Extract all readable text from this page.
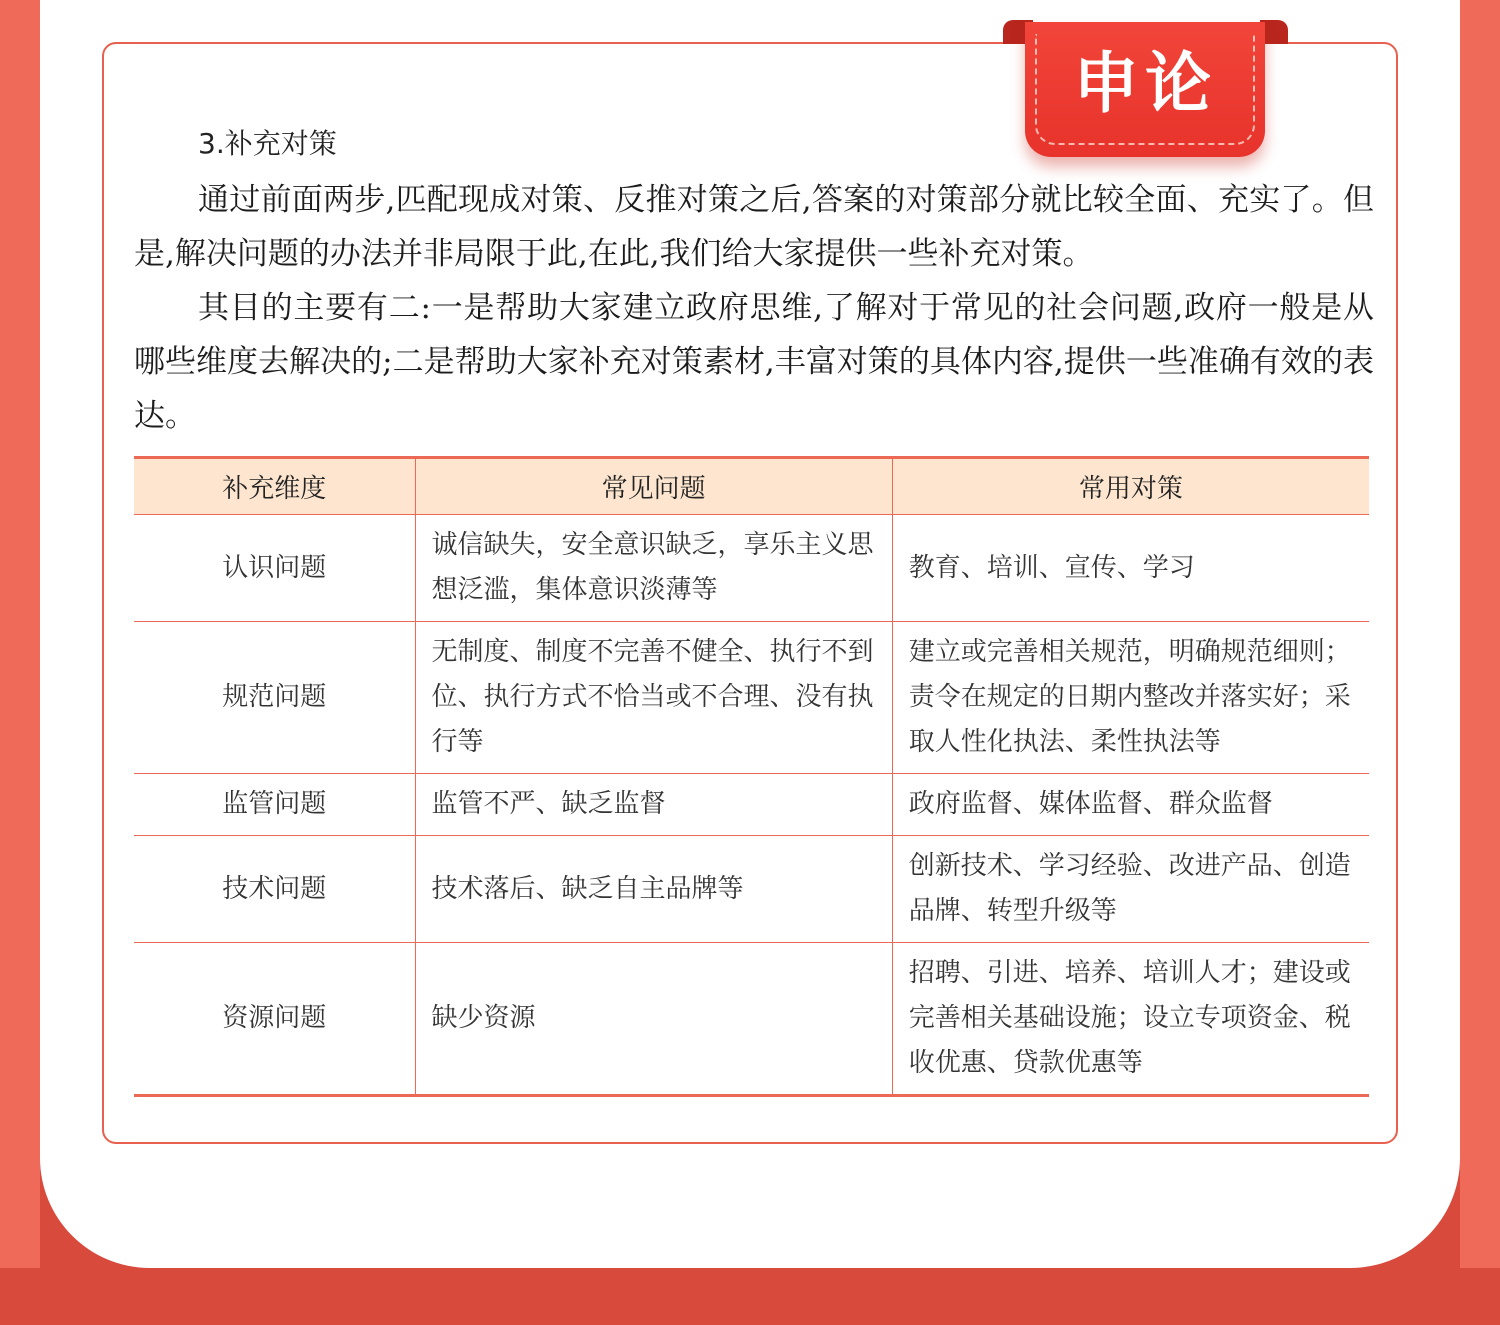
申论
3.补充对策

通过前面两步,匹配现成对策、反推对策之后,答案的对策部分就比较全面、充实了。但是,解决问题的办法并非局限于此,在此,我们给大家提供一些补充对策。

其目的主要有二:一是帮助大家建立政府思维,了解对于常见的社会问题,政府一般是从哪些维度去解决的;二是帮助大家补充对策素材,丰富对策的具体内容,提供一些准确有效的表达。

补充维度	常见问题	常用对策
认识问题	诚信缺失，安全意识缺乏，享乐主义思想泛滥，集体意识淡薄等	教育、培训、宣传、学习
规范问题	无制度、制度不完善不健全、执行不到位、执行方式不恰当或不合理、没有执行等	建立或完善相关规范，明确规范细则；责令在规定的日期内整改并落实好；采取人性化执法、柔性执法等
监管问题	监管不严、缺乏监督	政府监督、媒体监督、群众监督
技术问题	技术落后、缺乏自主品牌等	创新技术、学习经验、改进产品、创造品牌、转型升级等
资源问题	缺少资源	招聘、引进、培养、培训人才；建设或完善相关基础设施；设立专项资金、税收优惠、贷款优惠等
